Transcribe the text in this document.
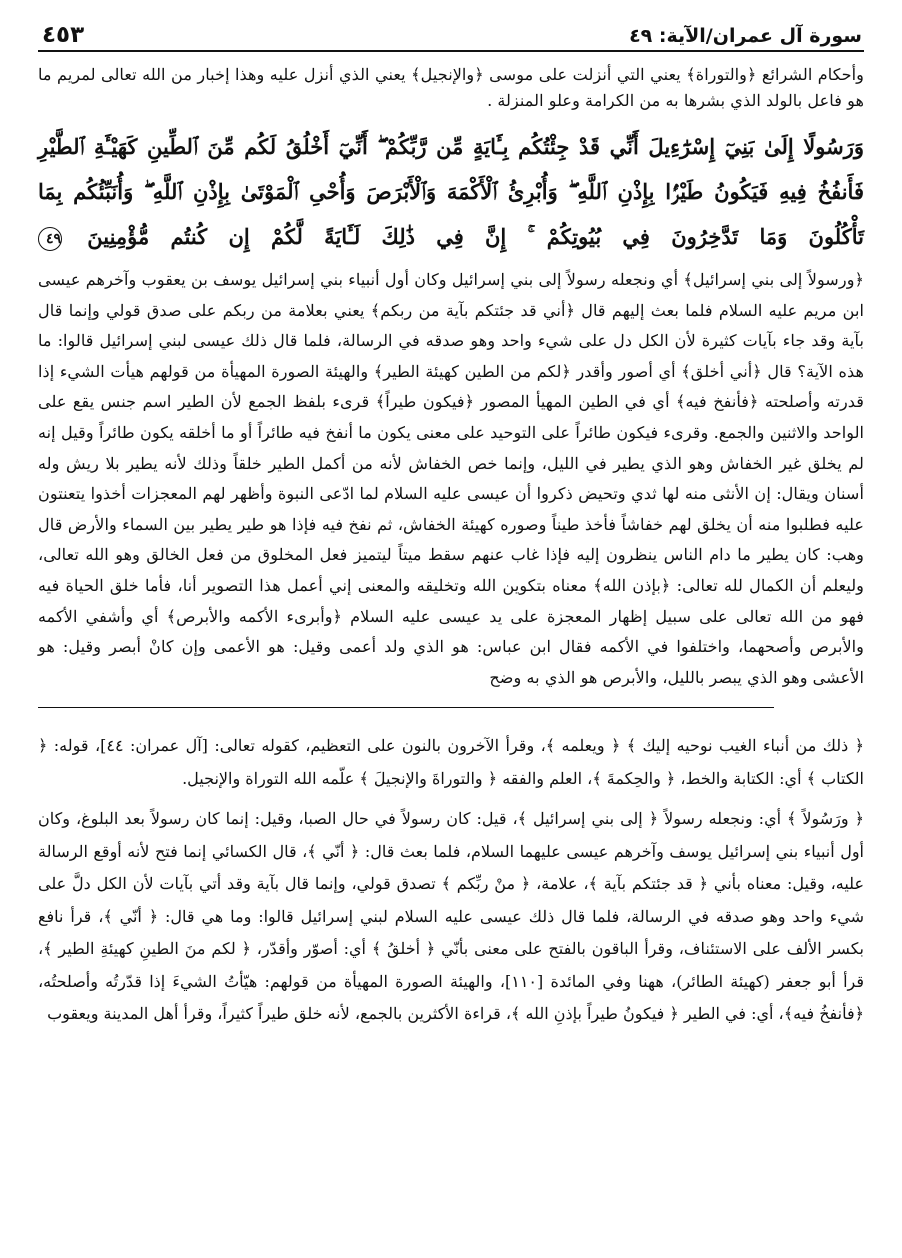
سورة آل عمران/الآية: ٤٩
٤٥٣
وأحكام الشرائع ﴿والتوراة﴾ يعني التي أنزلت على موسى ﴿والإنجيل﴾ يعني الذي أنزل عليه وهذا إخبار من الله تعالى لمريم ما هو فاعل بالولد الذي بشرها به من الكرامة وعلو المنزلة .
وَرَسُولًا إِلَىٰ بَنِيٓ إِسْرَٰٓءِيلَ أَنِّي قَدْ جِئْتُكُم بِـَٔايَةٍ مِّن رَّبِّكُمْ ۖ أَنِّيٓ أَخْلُقُ لَكُم مِّنَ ٱلطِّينِ كَهَيْـَٔةِ ٱلطَّيْرِ فَأَنفُخُ فِيهِ فَيَكُونُ طَيْرًۢا بِإِذْنِ ٱللَّهِ ۖ وَأُبْرِئُ ٱلْأَكْمَهَ وَٱلْأَبْرَصَ وَأُحْىِ ٱلْمَوْتَىٰ بِإِذْنِ ٱللَّهِ ۖ وَأُنَبِّئُكُم بِمَا تَأْكُلُونَ وَمَا تَدَّخِرُونَ فِي بُيُوتِكُمْ ۚ إِنَّ فِي ذَٰلِكَ لَـَٔايَةً لَّكُمْ إِن كُنتُم مُّؤْمِنِينَ ٤٩
﴿ورسولاً إلى بني إسرائيل﴾ أي ونجعله رسولاً إلى بني إسرائيل وكان أول أنبياء بني إسرائيل يوسف بن يعقوب وآخرهم عيسى ابن مريم عليه السلام فلما بعث إليهم قال ﴿أني قد جئتكم بآية من ربكم﴾ يعني بعلامة من ربكم على صدق قولي وإنما قال بآية وقد جاء بآيات كثيرة لأن الكل دل على شيء واحد وهو صدقه في الرسالة، فلما قال ذلك عيسى لبني إسرائيل قالوا: ما هذه الآية؟ قال ﴿أني أخلق﴾ أي أصور وأقدر ﴿لكم من الطين كهيئة الطير﴾ والهيئة الصورة المهيأة من قولهم هيأت الشيء إذا قدرته وأصلحته ﴿فأنفخ فيه﴾ أي في الطين المهيأ المصور ﴿فيكون طيراً﴾ قرىء بلفظ الجمع لأن الطير اسم جنس يقع على الواحد والاثنين والجمع. وقرىء فيكون طائراً على التوحيد على معنى يكون ما أنفخ فيه طائراً أو ما أخلقه يكون طائراً وقيل إنه لم يخلق غير الخفاش وهو الذي يطير في الليل، وإنما خص الخفاش لأنه من أكمل الطير خلقاً وذلك لأنه يطير بلا ريش وله أسنان ويقال: إن الأنثى منه لها ثدي وتحيض ذكروا أن عيسى عليه السلام لما ادّعى النبوة وأظهر لهم المعجزات أخذوا يتعنتون عليه فطلبوا منه أن يخلق لهم خفاشاً فأخذ طيناً وصوره كهيئة الخفاش، ثم نفخ فيه فإذا هو طير يطير بين السماء والأرض قال وهب: كان يطير ما دام الناس ينظرون إليه فإذا غاب عنهم سقط ميتاً ليتميز فعل المخلوق من فعل الخالق وهو الله تعالى، وليعلم أن الكمال لله تعالى: ﴿بإذن الله﴾ معناه بتكوين الله وتخليقه والمعنى إني أعمل هذا التصوير أنا، فأما خلق الحياة فيه فهو من الله تعالى على سبيل إظهار المعجزة على يد عيسى عليه السلام ﴿وأبرىء الأكمه والأبرص﴾ أي وأشفي الأكمه والأبرص وأصحهما، واختلفوا في الأكمه فقال ابن عباس: هو الذي ولد أعمى وقيل: هو الأعمى وإن كانْ أبصر وقيل: هو الأعشى وهو الذي يبصر بالليل، والأبرص هو الذي به وضح
﴿ ذلك من أنباء الغيب نوحيه إليك ﴾ ﴿ ويعلمه ﴾، وقرأ الآخرون بالنون على التعظيم، كقوله تعالى: [آل عمران: ٤٤]، قوله: ﴿ الكتاب ﴾ أي: الكتابة والخط، ﴿ والحِكمةَ ﴾، العلم والفقه ﴿ والتوراةَ والإنجيلَ ﴾ علّمه الله التوراة والإنجيل.
﴿ ورَسُولاً ﴾ أي: ونجعله رسولاً ﴿ إلى بني إسرائيل ﴾، قيل: كان رسولاً في حال الصبا، وقيل: إنما كان رسولاً بعد البلوغ، وكان أول أنبياء بني إسرائيل يوسف وآخرهم عيسى عليهما السلام، فلما بعث قال: ﴿ أنّي ﴾، قال الكسائي إنما فتح لأنه أوقع الرسالة عليه، وقيل: معناه بأني ﴿ قد جئتكم بآية ﴾، علامة، ﴿ منْ ربِّكم ﴾ تصدق قولي، وإنما قال بآية وقد أتي بآيات لأن الكل دلَّ على شيء واحد وهو صدقه في الرسالة، فلما قال ذلك عيسى عليه السلام لبني إسرائيل قالوا: وما هي قال: ﴿ أنّي ﴾، قرأ نافع بكسر الألف على الاستئناف، وقرأ الباقون بالفتح على معنى بأنّي ﴿ أخلقُ ﴾ أي: أصوّر وأقدّر، ﴿ لكم منَ الطينِ كهيئةِ الطير ﴾، قرأ أبو جعفر (كهيئة الطائر)، ههنا وفي المائدة [١١٠]، والهيئة الصورة المهيأة من قولهم: هيّأتُ الشيءَ إذا قدّرتُه وأصلحتُه، ﴿فأنفخُ فيه﴾، أي: في الطير ﴿ فيكونُ طيراً بإذنِ الله ﴾، قراءة الأكثرين بالجمع، لأنه خلق طيراً كثيراً، وقرأ أهل المدينة ويعقوب
